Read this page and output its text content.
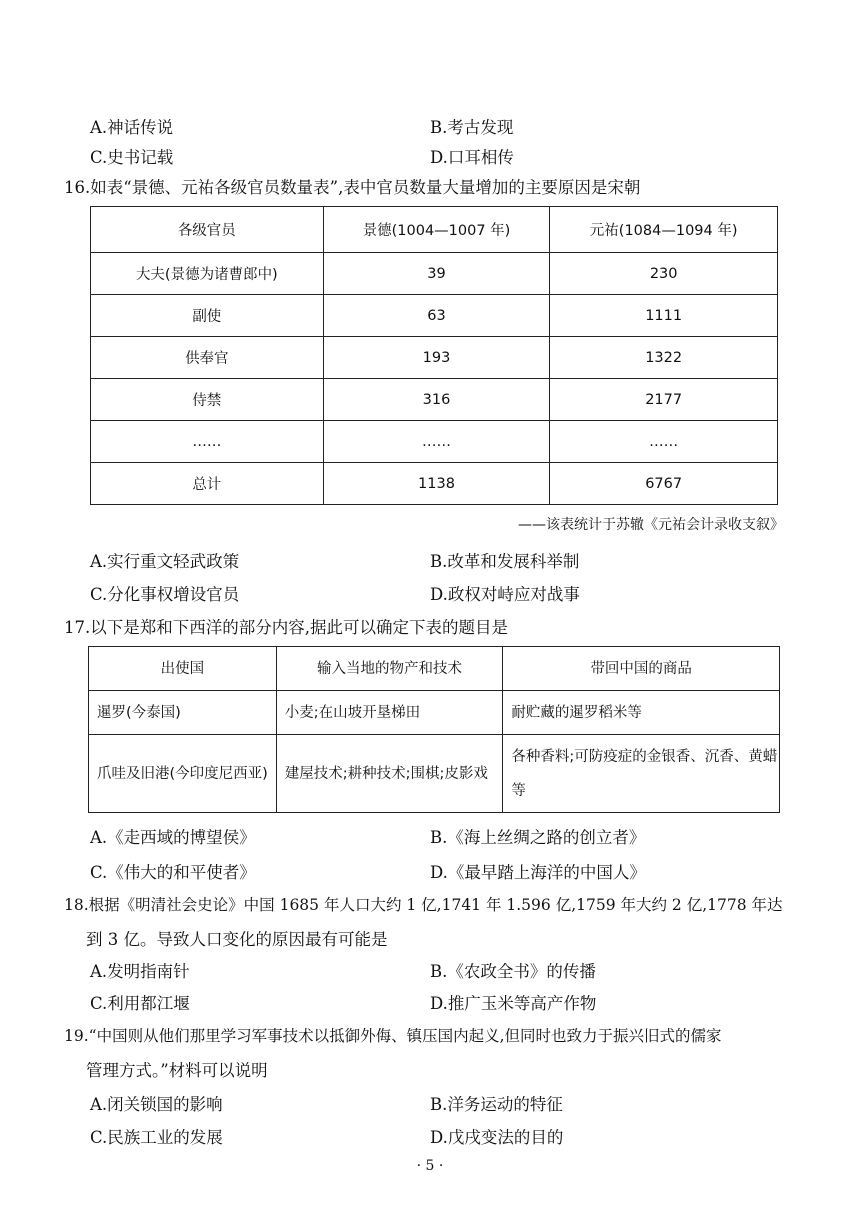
A.神话传说	B.考古发现
C.史书记载	D.口耳相传
16.如表“景德、元祐各级官员数量表”,表中官员数量大量增加的主要原因是宋朝
各级官员	景德(1004—1007 年)	元祐(1084—1094 年)
大夫(景德为诸曹郎中)	39	230
副使	63	1111
供奉官	193	1322
侍禁	316	2177
……	……	……
总计	1138	6767
——该表统计于苏辙《元祐会计录收支叙》
A.实行重文轻武政策	B.改革和发展科举制
C.分化事权增设官员	D.政权对峙应对战事
17.以下是郑和下西洋的部分内容,据此可以确定下表的题目是
出使国	输入当地的物产和技术	带回中国的商品
暹罗(今泰国)	小麦;在山坡开垦梯田	耐贮藏的暹罗稻米等
爪哇及旧港(今印度尼西亚)	建屋技术;耕种技术;围棋;皮影戏	各种香料;可防疫症的金银香、沉香、黄蜡等
A.《走西域的博望侯》	B.《海上丝绸之路的创立者》
C.《伟大的和平使者》	D.《最早踏上海洋的中国人》
18.根据《明清社会史论》中国 1685 年人口大约 1 亿,1741 年 1.596 亿,1759 年大约 2 亿,1778 年达
到 3 亿。导致人口变化的原因最有可能是
A.发明指南针	B.《农政全书》的传播
C.利用都江堰	D.推广玉米等高产作物
19.“中国则从他们那里学习军事技术以抵御外侮、镇压国内起义,但同时也致力于振兴旧式的儒家
管理方式。”材料可以说明
A.闭关锁国的影响	B.洋务运动的特征
C.民族工业的发展	D.戊戌变法的目的
· 5 ·
